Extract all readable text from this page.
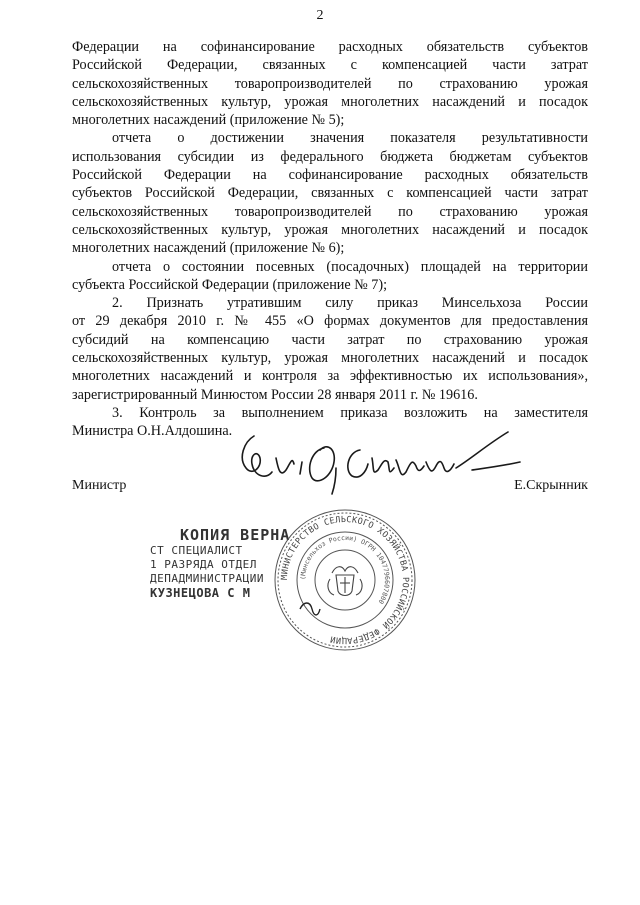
2
Федерации на софинансирование расходных обязательств субъектов
Российской Федерации, связанных с компенсацией части затрат
сельскохозяйственных товаропроизводителей по страхованию урожая
сельскохозяйственных культур, урожая многолетних насаждений и посадок
многолетних насаждений (приложение № 5);
отчета о достижении значения показателя результативности
использования субсидии из федерального бюджета бюджетам субъектов
Российской Федерации на софинансирование расходных обязательств
субъектов Российской Федерации, связанных с компенсацией части затрат
сельскохозяйственных товаропроизводителей по страхованию урожая
сельскохозяйственных культур, урожая многолетних насаждений и посадок
многолетних насаждений (приложение № 6);
отчета о состоянии посевных (посадочных) площадей на территории
субъекта Российской Федерации (приложение № 7);
2. Признать утратившим силу приказ Минсельхоза России
от 29 декабря 2010 г. № 455 «О формах документов для предоставления
субсидий на компенсацию части затрат по страхованию урожая
сельскохозяйственных культур, урожая многолетних насаждений и посадок
многолетних насаждений и контроля за эффективностью их использования»,
зарегистрированный Минюстом России 28 января 2011 г. № 19616.
3. Контроль за выполнением приказа возложить на заместителя
Министра О.Н.Алдошина.
Министр	Е.Скрынник
КОПИЯ ВЕРНА
СТ СПЕЦИАЛИСТ
1 РАЗРЯДА ОТДЕЛ
ДЕПАДМИНИСТРАЦИИ
КУЗНЕЦОВА С М
МИНИСТЕРСТВО СЕЛЬСКОГО ХОЗЯЙСТВА РОССИЙСКОЙ ФЕДЕРАЦИИ
(Минсельхоз России) ОГРН 1047796607800
